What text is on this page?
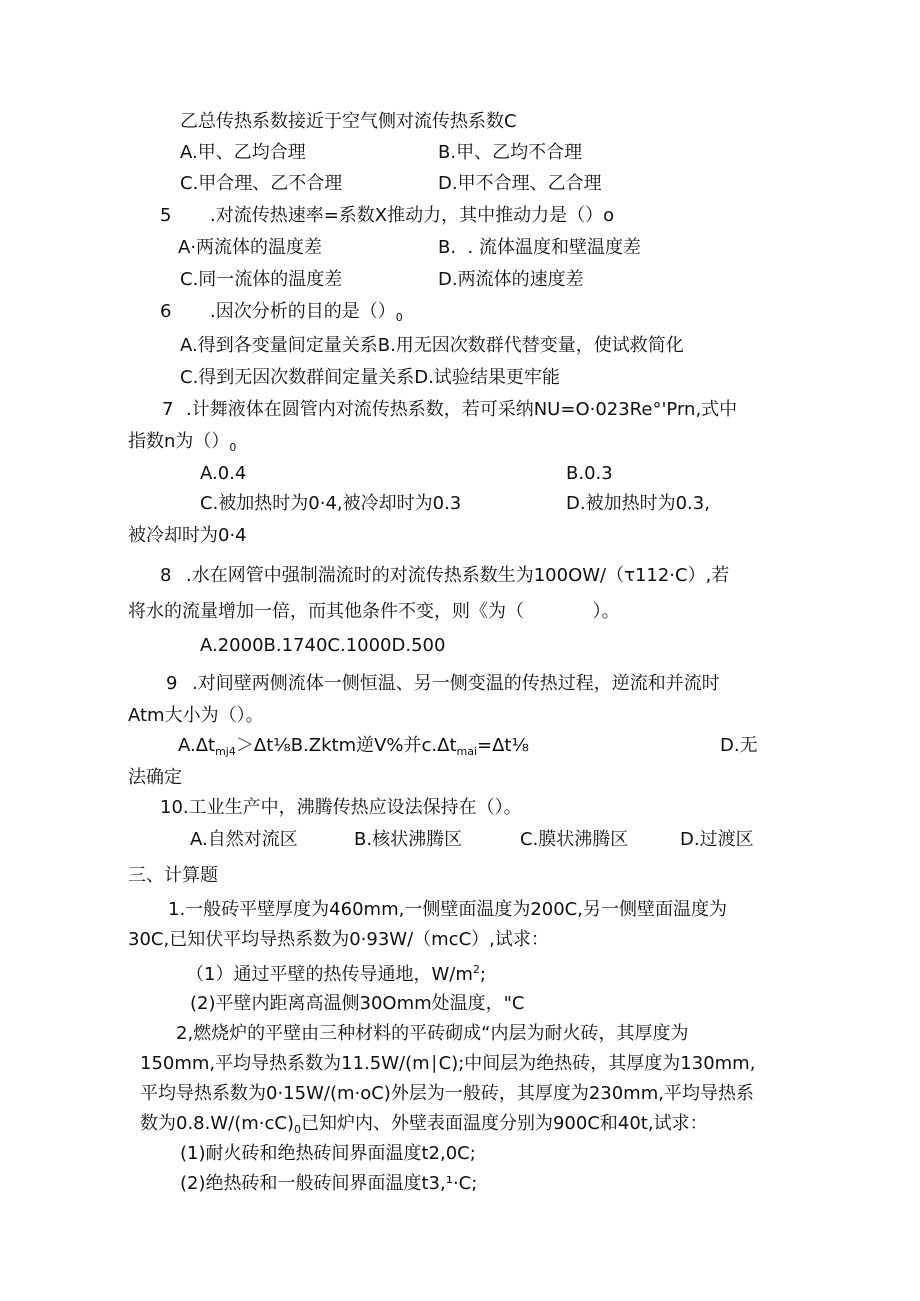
乙总传热系数接近于空气侧对流传热系数C
A.甲、乙均合理	B.甲、乙均不合理
C.甲合理、乙不合理	D.甲不合理、乙合理
5 .对流传热速率=系数X推动力，其中推动力是（）o
A·两流体的温度差	B.  . 流体温度和壁温度差
C.同一流体的温度差	D.两流体的速度差
6 .因次分析的目的是$()_0$
A.得到各变量间定量关系B.用无因次数群代替变量，使试救简化
C.得到无因次数群间定量关系D.试验结果更牢能
7 .计舞液体在圆管内对流传热系数，若可采纳NU=O·023Re°'Prn,式中
指数n为$()_0$
A.0.4	B.0.3
C.被加热时为0·4,被冷却时为0.3	D.被加热时为0.3,
被冷却时为0·4
8 .水在网管中强制湍流时的对流传热系数生为100OW/（τ112·C）,若
将水的流量增加一倍，而其他条件不变，则《为（            ）。
A.2000B.1740C.1000D.500
9 .对间壁两侧流体一侧恒温、另一侧变温的传热过程，逆流和并流时
Atm大小为（）。
$A.\Delta t_{mj4}>\Delta t\frac{1}{8}B.Zktm$逆V%并$c.\Delta t_{mai}=\Delta t\frac{1}{8}$	D.无
法确定
10.工业生产中，沸腾传热应设法保持在（）。
A.自然对流区	B.核状沸腾区	C.膜状沸腾区	D.过渡区
三、计算题
1.一般砖平壁厚度为460mm,一侧壁面温度为200C,另一侧壁面温度为
30C,已知伏平均导热系数为0·93W/（mcC）,试求：
（1）通过平壁的热传导通地，$W/m^2$;
(2)平壁内距离高温侧30Omm处温度，"C
2,燃烧炉的平壁由三种材料的平砖砌成“内层为耐火砖，其厚度为
150mm,平均导热系数为11.5W/(m∣C);中间层为绝热砖，其厚度为130mm,
平均导热系数为0·15W/(m·oC)外层为一般砖，其厚度为230mm,平均导热系
数为$0.8.W/(m\cdot cC)_0$已知炉内、外壁表面温度分别为900C和40t,试求：
(1)耐火砖和绝热砖间界面温度t2,0C;
(2)绝热砖和一般砖间界面温度t3,¹·C;
